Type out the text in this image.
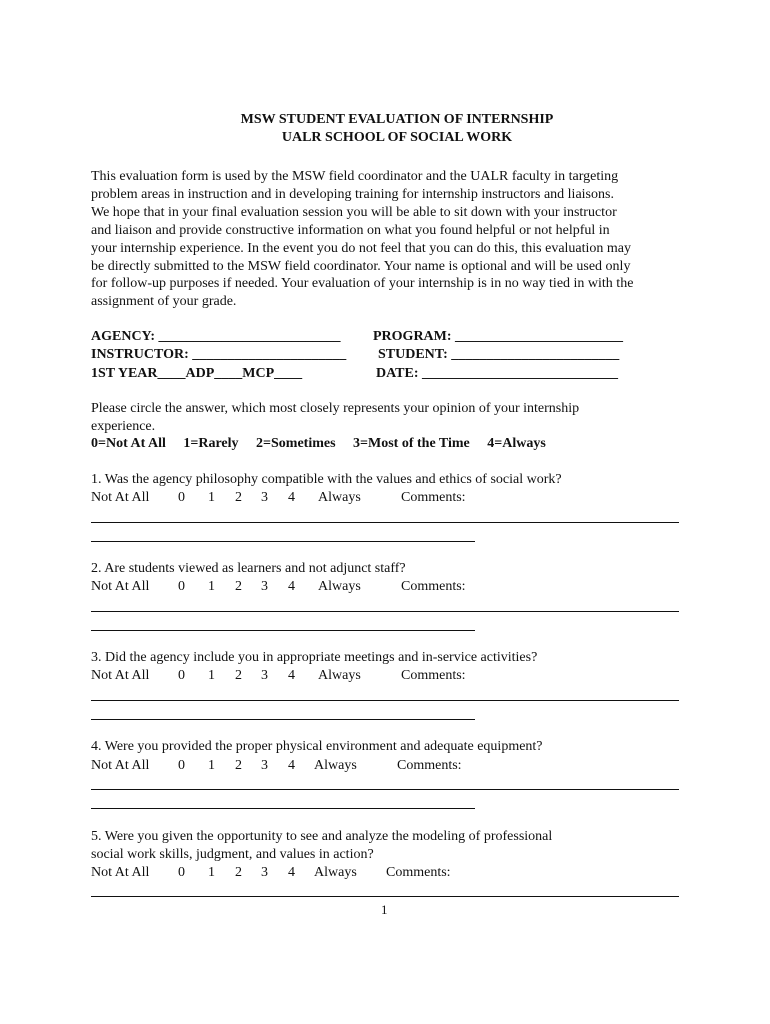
MSW STUDENT EVALUATION OF INTERNSHIP
UALR SCHOOL OF SOCIAL WORK
This evaluation form is used by the MSW field coordinator and the UALR faculty in targeting
problem areas in instruction and in developing training for internship instructors and liaisons.
We hope that in your final evaluation session you will be able to sit down with your instructor
and liaison and provide constructive information on what you found helpful or not helpful in
your internship experience. In the event you do not feel that you can do this, this evaluation may
be directly submitted to the MSW field coordinator. Your name is optional and will be used only
for follow-up purposes if needed. Your evaluation of your internship is in no way tied in with the
assignment of your grade.
AGENCY: __________________________ PROGRAM: ________________________
INSTRUCTOR: ______________________ STUDENT: ________________________
1ST YEAR____ADP____MCP____	DATE: ____________________________
Please circle the answer, which most closely represents your opinion of your internship
experience.
0=Not At All 1=Rarely 2=Sometimes 3=Most of the Time 4=Always
1. Was the agency philosophy compatible with the values and ethics of social work?
Not At All 0 1 2 3 4 Always	Comments:
2. Are students viewed as learners and not adjunct staff?
Not At All 0 1 2 3 4 Always	Comments:
3. Did the agency include you in appropriate meetings and in-service activities?
Not At All 0 1 2 3 4 Always	Comments:
4. Were you provided the proper physical environment and adequate equipment?
Not At All 0 1 2 3 4 Always	Comments:
5. Were you given the opportunity to see and analyze the modeling of professional
social work skills, judgment, and values in action?
Not At All 0 1 2 3 4 Always Comments:
1
